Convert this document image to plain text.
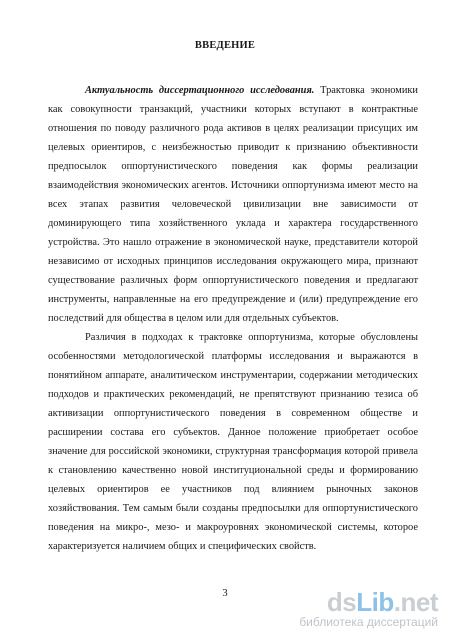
ВВЕДЕНИЕ

Актуальность диссертационного исследования. Трактовка экономики как совокупности транзакций, участники которых вступают в контрактные отношения по поводу различного рода активов в целях реализации присущих им целевых ориентиров, с неизбежностью приводит к признанию объективности предпосылок оппортунистического поведения как формы реализации взаимодействия экономических агентов. Источники оппортунизма имеют место на всех этапах развития человеческой цивилизации вне зависимости от доминирующего типа хозяйственного уклада и характера государственного устройства. Это нашло отражение в экономической науке, представители которой независимо от исходных принципов исследования окружающего мира, признают существование различных форм оппортунистического поведения и предлагают инструменты, направленные на его предупреждение и (или) предупреждение его последствий для общества в целом или для отдельных субъектов.

Различия в подходах к трактовке оппортунизма, которые обусловлены особенностями методологической платформы исследования и выражаются в понятийном аппарате, аналитическом инструментарии, содержании методических подходов и практических рекомендаций, не препятствуют признанию тезиса об активизации оппортунистического поведения в современном обществе и расширении состава его субъектов. Данное положение приобретает особое значение для российской экономики, структурная трансформация которой привела к становлению качественно новой институциональной среды и формированию целевых ориентиров ее участников под влиянием рыночных законов хозяйствования. Тем самым были созданы предпосылки для оппортунистического поведения на микро-, мезо- и макроуровнях экономической системы, которое характеризуется наличием общих и специфических свойств.

3	dsLib.net
библиотека диссертаций
